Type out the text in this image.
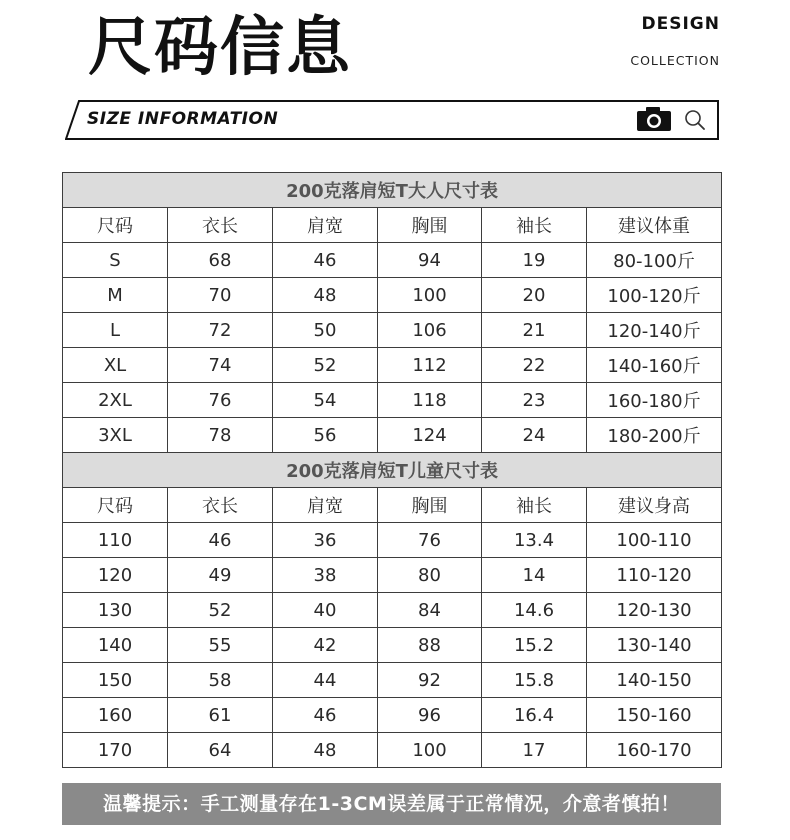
尺码信息	DESIGN
COLLECTION
SIZE INFORMATION
200克落肩短T大人尺寸表					
尺码	衣长	肩宽	胸围	袖长	建议体重
S	68	46	94	19	80-100斤
M	70	48	100	20	100-120斤
L	72	50	106	21	120-140斤
XL	74	52	112	22	140-160斤
2XL	76	54	118	23	160-180斤
3XL	78	56	124	24	180-200斤
200克落肩短T儿童尺寸表					
尺码	衣长	肩宽	胸围	袖长	建议身高
110	46	36	76	13.4	100-110
120	49	38	80	14	110-120
130	52	40	84	14.6	120-130
140	55	42	88	15.2	130-140
150	58	44	92	15.8	140-150
160	61	46	96	16.4	150-160
170	64	48	100	17	160-170
温馨提示：手工测量存在1-3CM误差属于正常情况，介意者慎拍！
